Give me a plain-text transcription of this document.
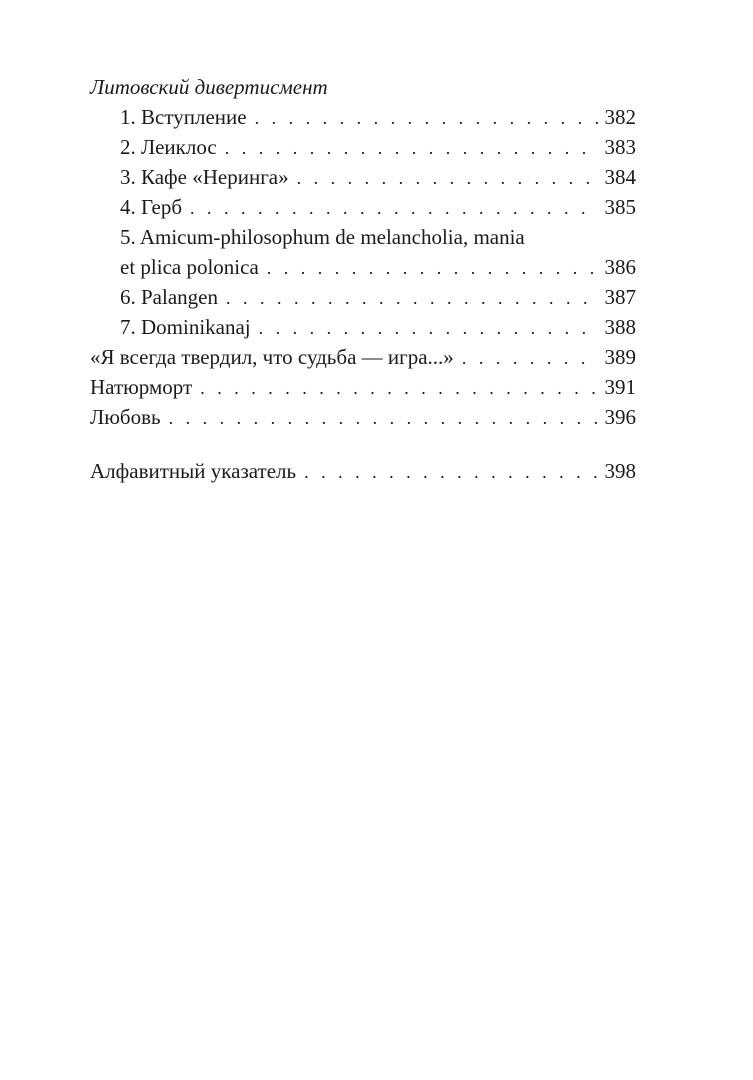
Литовский дивертисмент
1. Вступление . . .	382
2. Леиклос . . .	383
3. Кафе «Неринга» . . .	384
4. Герб . . .	385
5. Amicum-philosophum de melancholia, mania
et plica polonica . . .	386
6. Palangen . . .	387
7. Dominikanaj . . .	388
«Я всегда твердил, что судьба — игра...» . . .	389
Натюрморт . . .	391
Любовь . . .	396
Алфавитный указатель . . .	398
